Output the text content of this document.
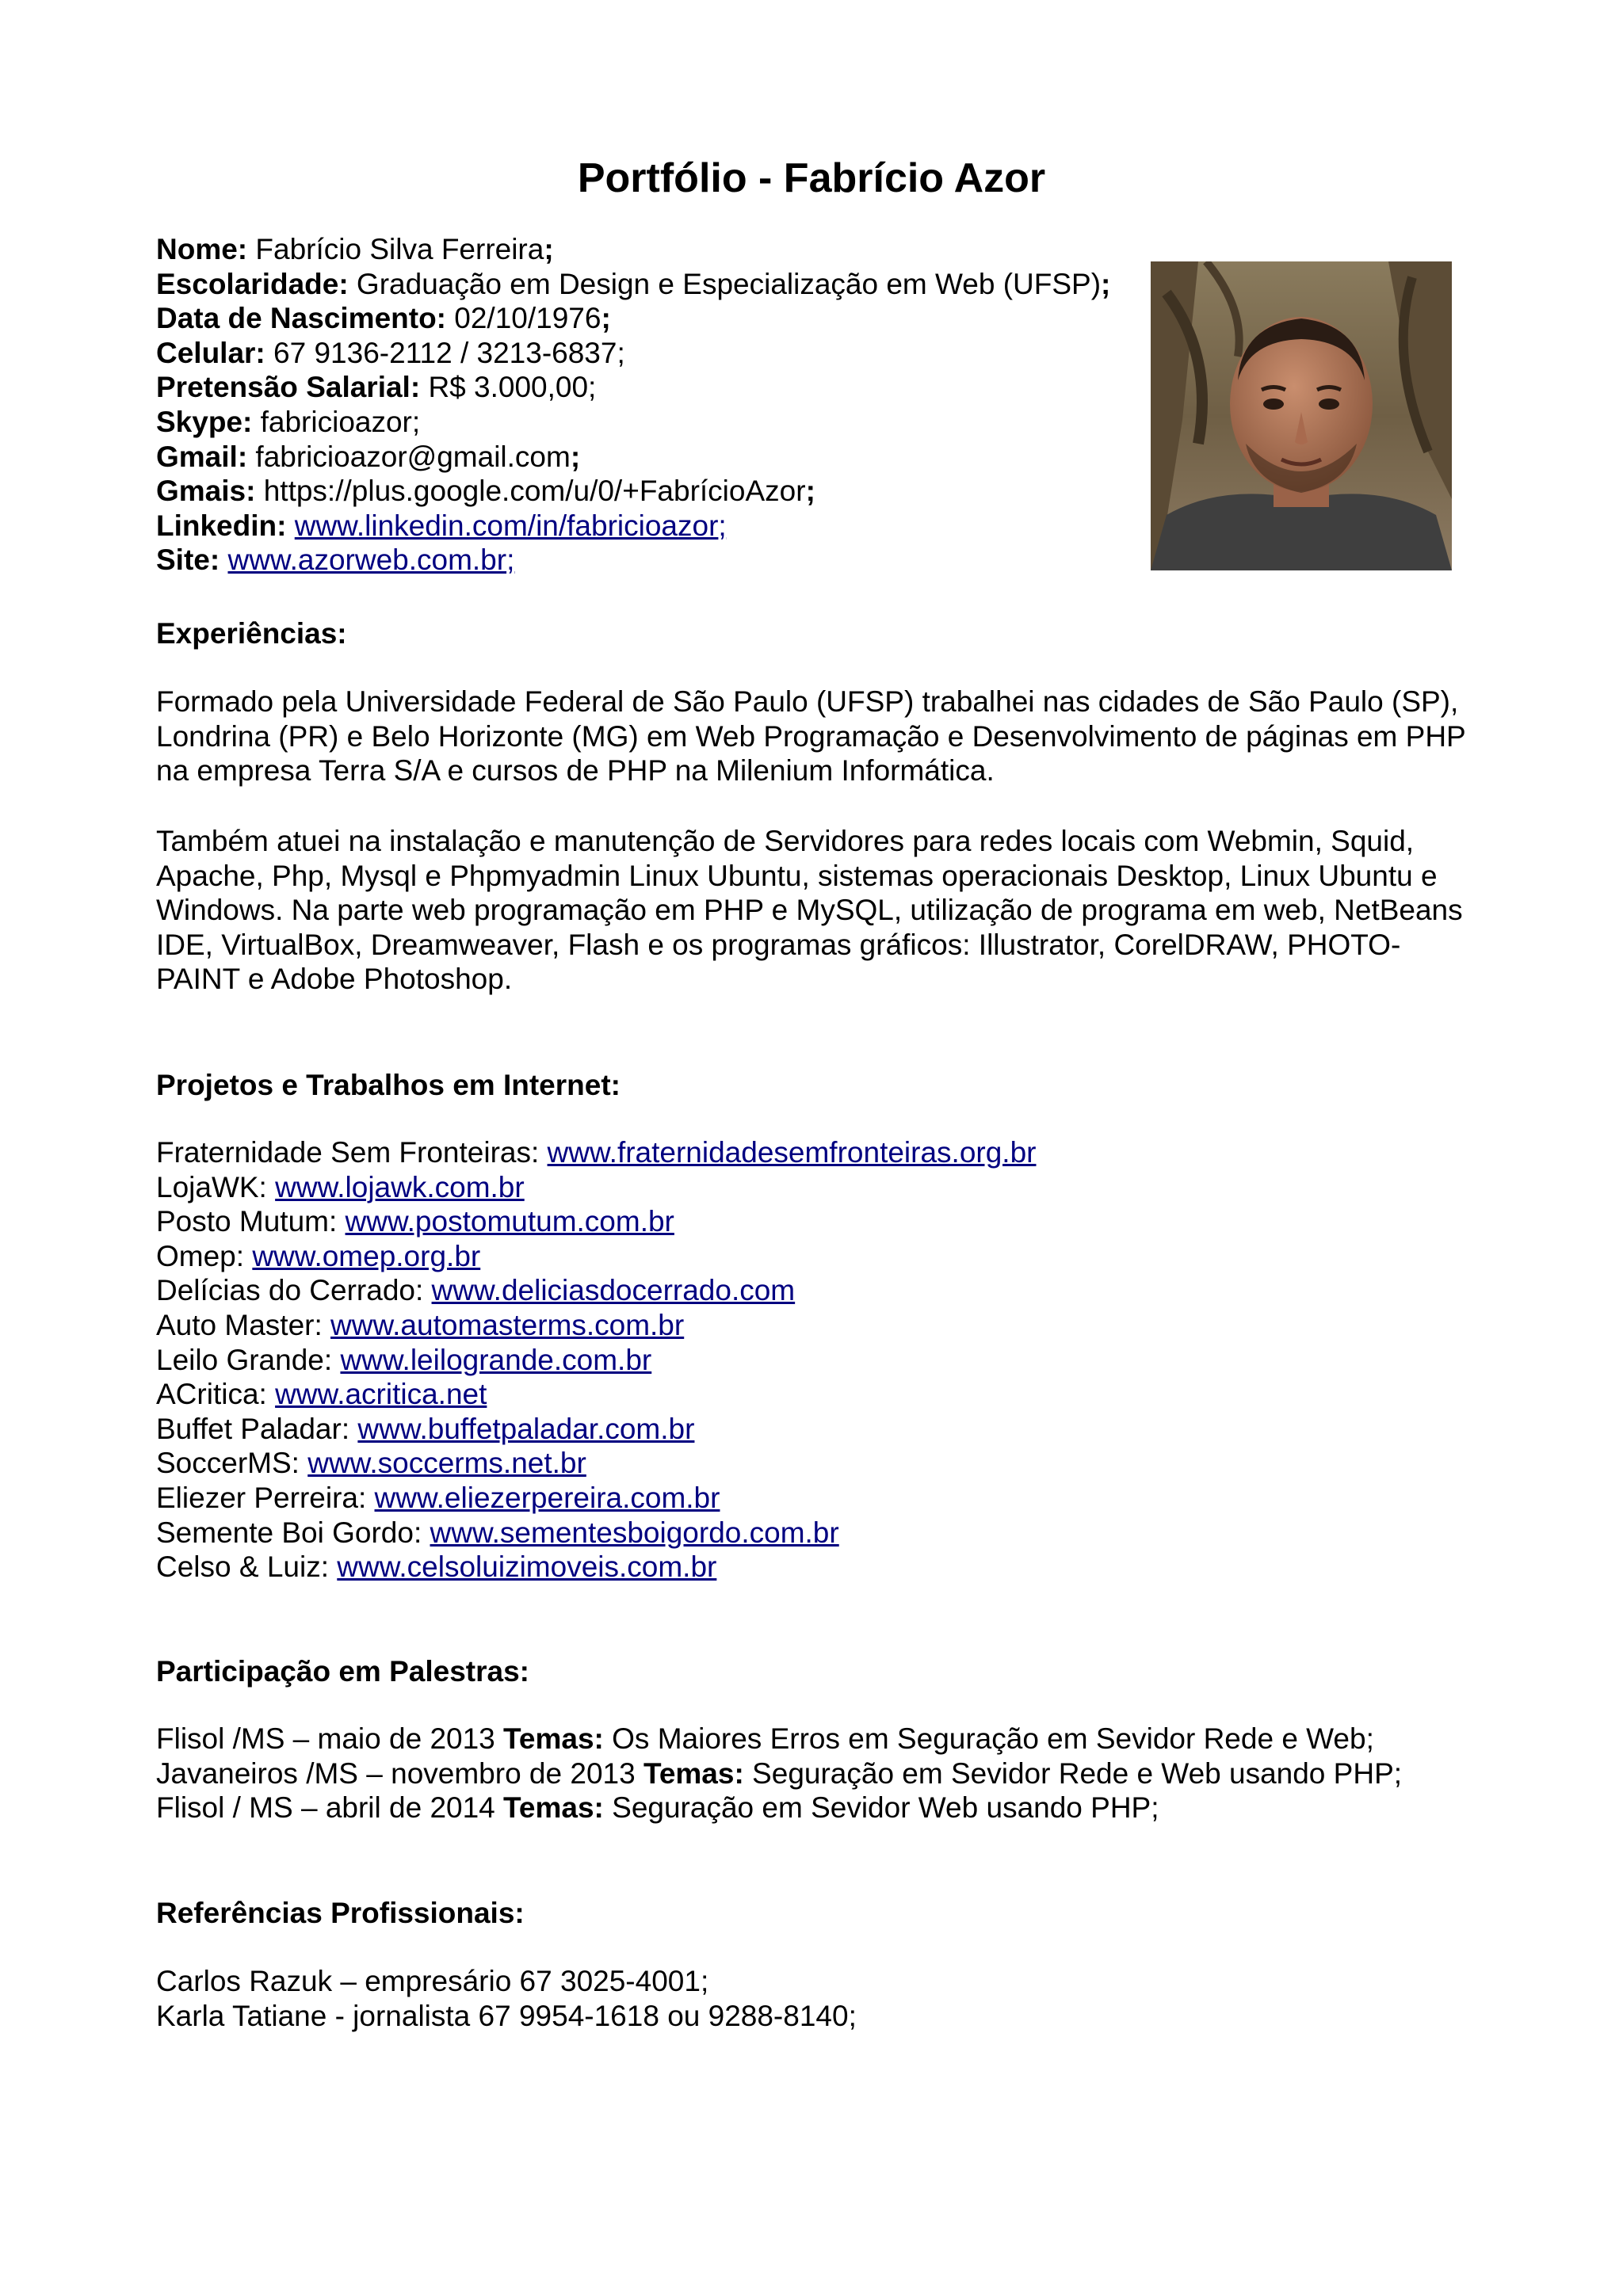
Portfólio - Fabrício Azor
Nome: Fabrício Silva Ferreira;
Escolaridade: Graduação em Design e Especialização em Web (UFSP);
Data de Nascimento: 02/10/1976;
Celular: 67 9136-2112 / 3213-6837;
Pretensão Salarial: R$ 3.000,00;
Skype: fabricioazor;
Gmail: fabricioazor@gmail.com;
Gmais: https://plus.google.com/u/0/+FabrícioAzor;
Linkedin: www.linkedin.com/in/fabricioazor;
Site: www.azorweb.com.br;
Experiências:

Formado pela Universidade Federal de São Paulo (UFSP) trabalhei nas cidades de São Paulo (SP), Londrina (PR) e Belo Horizonte (MG) em Web Programação e Desenvolvimento de páginas em PHP na empresa Terra S/A e cursos de PHP na Milenium Informática.

Também atuei na instalação e manutenção de Servidores para redes locais com Webmin, Squid, Apache, Php, Mysql e Phpmyadmin Linux Ubuntu, sistemas operacionais Desktop, Linux Ubuntu e Windows. Na parte web programação em PHP e MySQL, utilização de programa em web, NetBeans IDE, VirtualBox, Dreamweaver, Flash e os programas gráficos: Illustrator, CorelDRAW, PHOTO-PAINT e Adobe Photoshop.

Projetos e Trabalhos em Internet:
Fraternidade Sem Fronteiras: www.fraternidadesemfronteiras.org.br
LojaWK: www.lojawk.com.br
Posto Mutum: www.postomutum.com.br
Omep: www.omep.org.br
Delícias do Cerrado: www.deliciasdocerrado.com
Auto Master: www.automasterms.com.br
Leilo Grande: www.leilogrande.com.br
ACritica: www.acritica.net
Buffet Paladar: www.buffetpaladar.com.br
SoccerMS: www.soccerms.net.br
Eliezer Perreira: www.eliezerpereira.com.br
Semente Boi Gordo: www.sementesboigordo.com.br
Celso & Luiz: www.celsoluizimoveis.com.br
Participação em Palestras:
Flisol /MS – maio de 2013 Temas: Os Maiores Erros em Seguração em Sevidor Rede e Web;
Javaneiros /MS – novembro de 2013 Temas: Seguração em Sevidor Rede e Web usando PHP;
Flisol / MS – abril de 2014 Temas: Seguração em Sevidor Web usando PHP;
Referências Profissionais:
Carlos Razuk – empresário 67 3025-4001;
Karla Tatiane - jornalista 67 9954-1618 ou 9288-8140;
